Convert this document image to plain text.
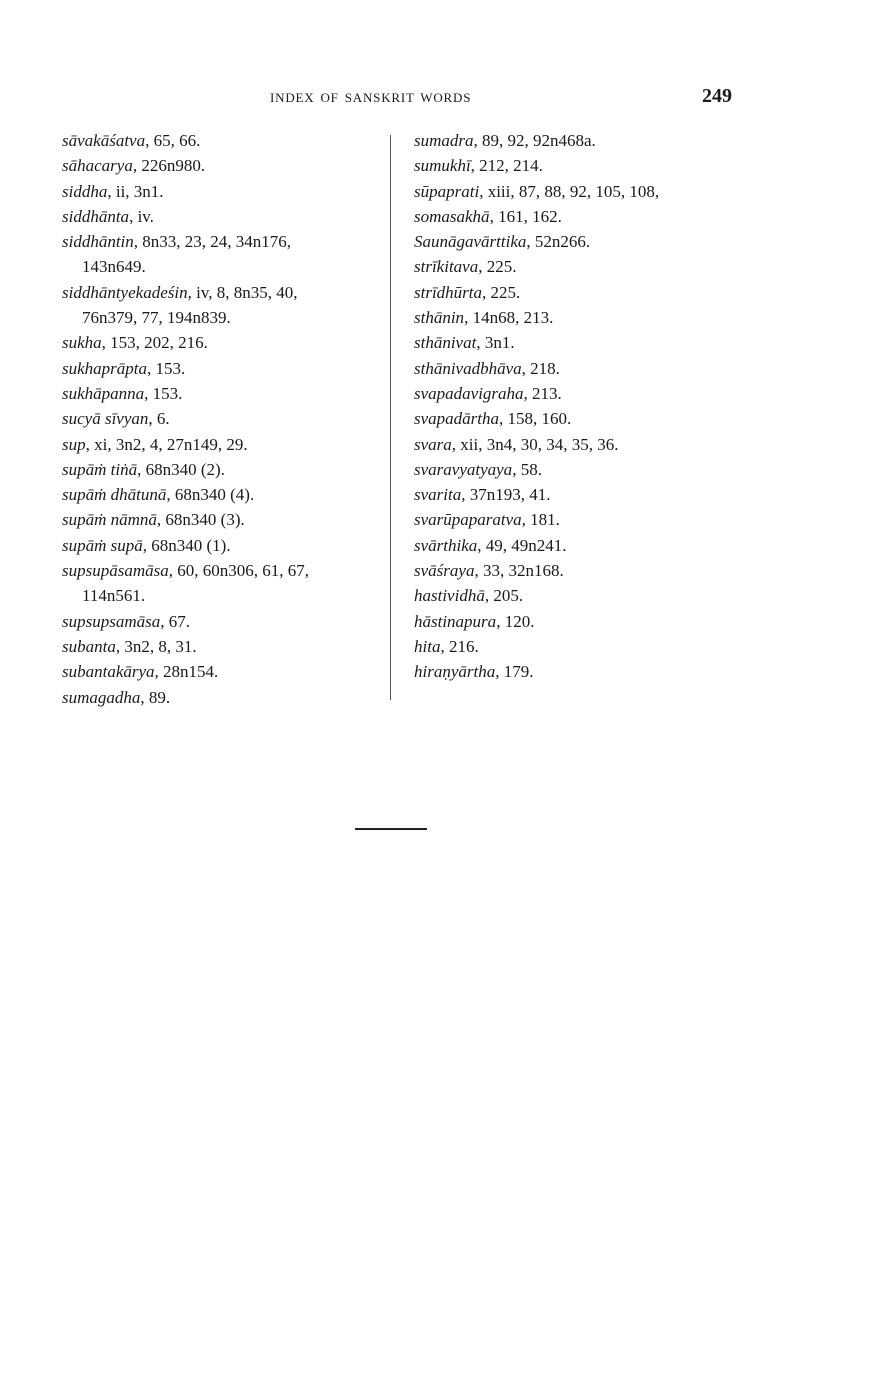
INDEX OF SANSKRIT WORDS	249
sāvakāśatva, 65, 66.
sāhacarya, 226n980.
siddha, ii, 3n1.
siddhānta, iv.
siddhāntin, 8n33, 23, 24, 34n176,
143n649.
siddhāntyekadeśin, iv, 8, 8n35, 40,
76n379, 77, 194n839.
sukha, 153, 202, 216.
sukhaprāpta, 153.
sukhāpanna, 153.
sucyā sīvyan, 6.
sup, xi, 3n2, 4, 27n149, 29.
supāṁ tiṅā, 68n340 (2).
supāṁ dhātunā, 68n340 (4).
supāṁ nāmnā, 68n340 (3).
supāṁ supā, 68n340 (1).
supsupāsamāsa, 60, 60n306, 61, 67,
114n561.
supsupsamāsa, 67.
subanta, 3n2, 8, 31.
subantakārya, 28n154.
sumagadha, 89.
sumadra, 89, 92, 92n468a.
sumukhī, 212, 214.
sūpaprati, xiii, 87, 88, 92, 105, 108,
somasakhā, 161, 162.
Saunāgavārttika, 52n266.
strīkitava, 225.
strīdhūrta, 225.
sthānin, 14n68, 213.
sthānivat, 3n1.
sthānivadbhāva, 218.
svapadavigraha, 213.
svapadārtha, 158, 160.
svara, xii, 3n4, 30, 34, 35, 36.
svaravyatyaya, 58.
svarita, 37n193, 41.
svarūpaparatva, 181.
svārthika, 49, 49n241.
svāśraya, 33, 32n168.
hastividhā, 205.
hāstinapura, 120.
hita, 216.
hiraṇyārtha, 179.
